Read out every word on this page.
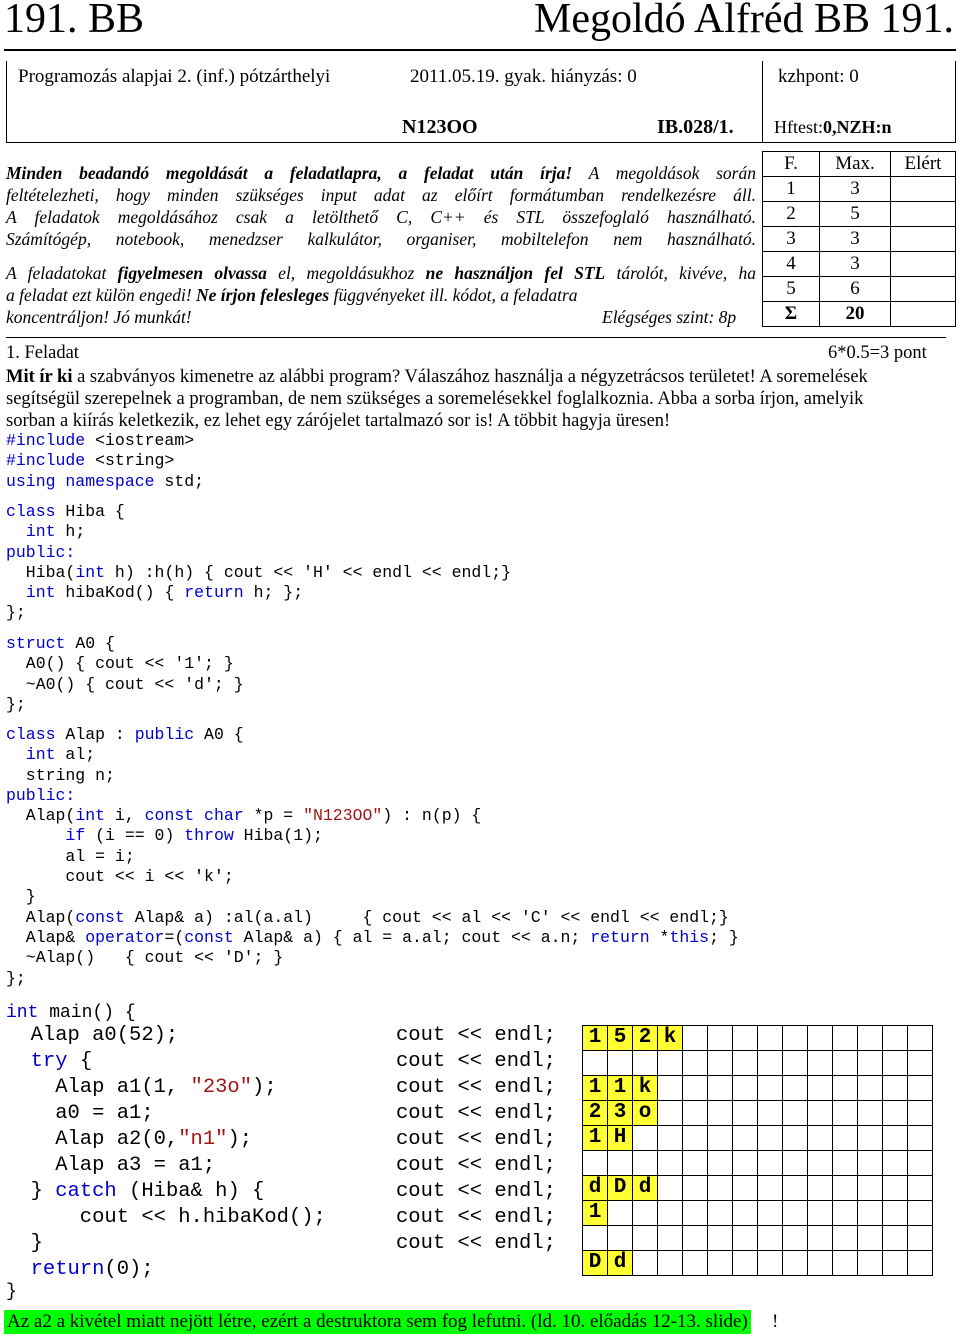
191. BB	Megoldó Alfréd BB 191.
Programozás alapjai 2. (inf.) pótzárthelyi	2011.05.19. gyak. hiányzás: 0	kzhpont: 0
N123OO	IB.028/1. Hftest:0,NZH:n
Minden beadandó megoldását a feladatlapra, a feladat után írja! A megoldások során
feltételezheti, hogy minden szükséges input adat az előírt formátumban rendelkezésre áll.
A feladatok megoldásához csak a letölthető C, C++ és STL összefoglaló használható.
Számítógép, notebook, menedzser kalkulátor, organiser, mobiltelefon nem használható.
A feladatokat figyelmesen olvassa el, megoldásukhoz ne használjon fel STL tárolót, kivéve, ha
a feladat ezt külön engedi! Ne írjon felesleges függvényeket ill. kódot, a feladatra
koncentráljon! Jó munkát!	Elégséges szint: 8p
F.	Max.	Elért
1	3	
2	5	
3	3	
4	3	
5	6	
Σ	20	
1. Feladat	6*0.5=3 pont
Mit ír ki a szabványos kimenetre az alábbi program? Válaszához használja a négyzetrácsos területet! A soremelések
segítségül szerepelnek a programban, de nem szükséges a soremelésekkel foglalkoznia. Abba a sorba írjon, amelyik
sorban a kiírás keletkezik, ez lehet egy zárójelet tartalmazó sor is! A többit hagyja üresen!
#include <iostream>
#include <string>
using namespace std;

class Hiba {
int h;
public:
Hiba(int h) :h(h) { cout << 'H' << endl << endl;}
int hibaKod() { return h; };
};
struct A0 {
A0() { cout << '1'; }
~A0() { cout << 'd'; }
};
class Alap : public A0 {
int al;
string n;
public:
Alap(int i, const char *p = "N123OO") : n(p) {
if (i == 0) throw Hiba(1);
al = i;
cout << i << 'k';
}
Alap(const Alap& a) :al(a.al)     { cout << al << 'C' << endl << endl;}
Alap& operator=(const Alap& a) { al = a.al; cout << a.n; return *this; }
~Alap()   { cout << 'D'; }
};
int main() {
Alap a0(52);
try {
Alap a1(1, "23o");
a0 = a1;
Alap a2(0,"n1");
Alap a3 = a1;
} catch (Hiba& h) {
cout << h.hibaKod();
}
return(0);
}
cout << endl;
cout << endl;
cout << endl;
cout << endl;
cout << endl;
cout << endl;
cout << endl;
cout << endl;
cout << endl;
1	5	2	k										

1	1	k											
2	3	o											
1	H												

d	D	d											
1													

D	d												
Az a2 a kivétel miatt nejött létre, ezért a destruktora sem fog lefutni. (ld. 10. előadás 12-13. slide) !
